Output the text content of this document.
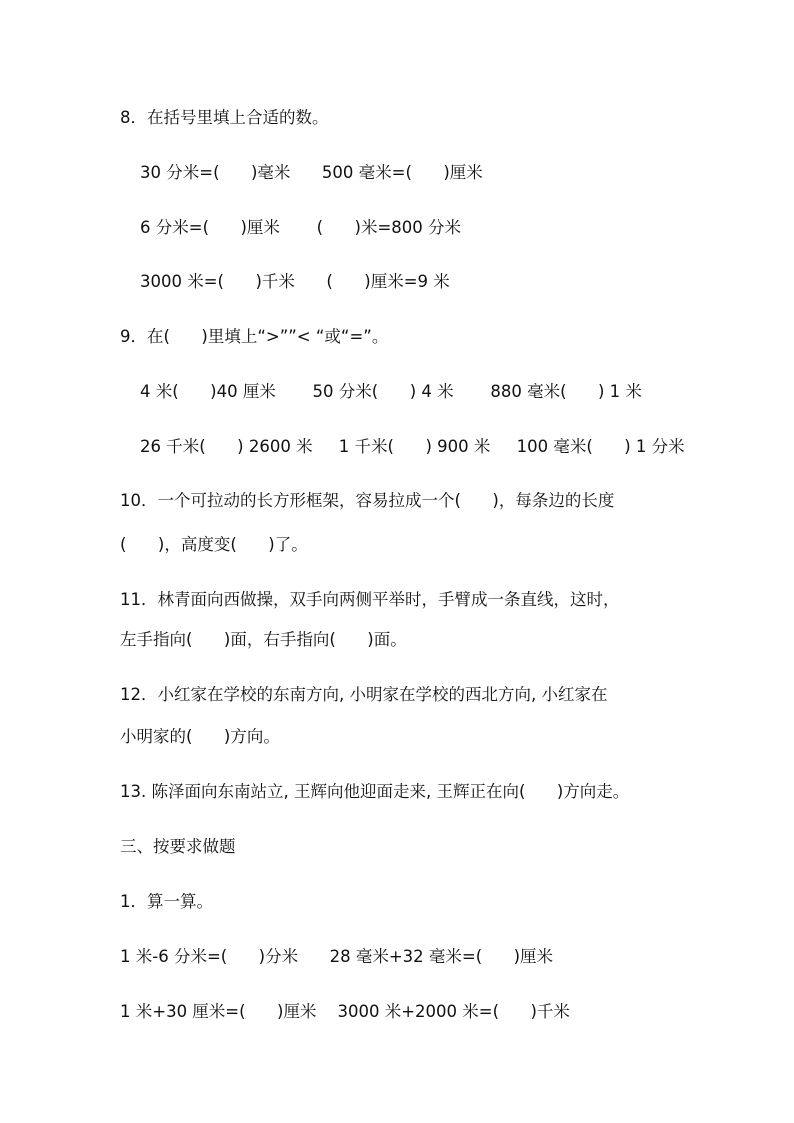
8．在括号里填上合适的数。
30 分米=(      )毫米      500 毫米=(      )厘米
6 分米=(      )厘米       (      )米=800 分米
3000 米=(      )千米      (      )厘米=9 米
9．在(      )里填上“>””< “或“=”。
4 米(      )40 厘米       50 分米(      ) 4 米       880 毫米(      ) 1 米
26 千米(      ) 2600 米     1 千米(      ) 900 米     100 毫米(      ) 1 分米
10．一个可拉动的长方形框架，容易拉成一个(      )，每条边的长度
(      )，高度变(      )了。
11．林青面向西做操，双手向两侧平举时，手臂成一条直线，这时，
左手指向(      )面，右手指向(      )面。
12．小红家在学校的东南方向, 小明家在学校的西北方向, 小红家在
小明家的(      )方向。
13. 陈泽面向东南站立, 王辉向他迎面走来, 王辉正在向(      )方向走。
三、按要求做题
1．算一算。
1 米-6 分米=(      )分米      28 毫米+32 毫米=(      )厘米
1 米+30 厘米=(      )厘米    3000 米+2000 米=(      )千米
